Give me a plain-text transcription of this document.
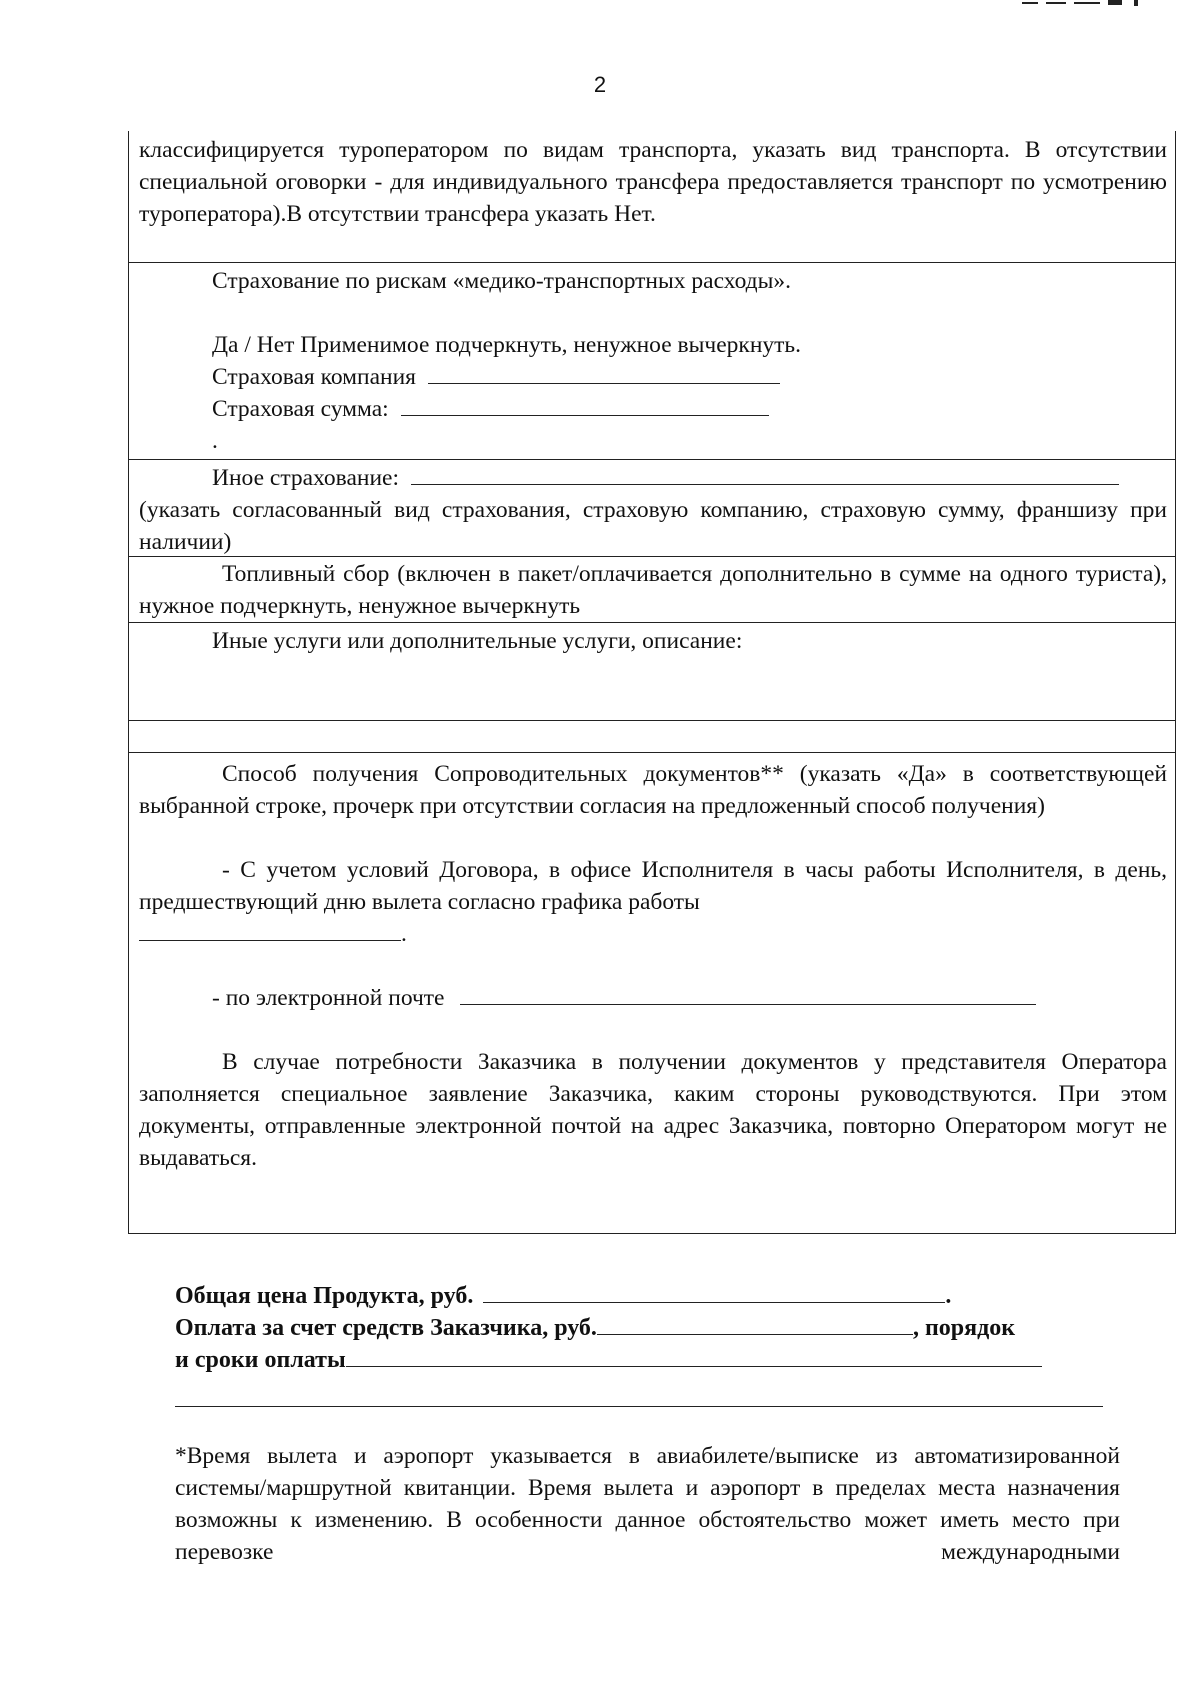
2
классифицируется туроператором по видам транспорта, указать вид транспорта. В отсутствии специальной оговорки - для индивидуального трансфера предоставляется транспорт по усмотрению туроператора).В отсутствии трансфера указать Нет.
Страхование по рискам «медико-транспортных расходы».
Да / Нет Применимое подчеркнуть, ненужное вычеркнуть.
Страховая компания
Страховая сумма:
.
Иное страхование:
(указать согласованный вид страхования, страховую компанию, страховую сумму, франшизу при наличии)
Топливный сбор (включен в пакет/оплачивается дополнительно в сумме на одного туриста), нужное подчеркнуть, ненужное вычеркнуть
Иные услуги или дополнительные услуги, описание:
Способ получения Сопроводительных документов** (указать «Да» в соответствующей выбранной строке, прочерк при отсутствии согласия на предложенный способ получения)
- С учетом условий Договора, в офисе Исполнителя в часы работы Исполнителя, в день, предшествующий дню вылета согласно графика работы
.
- по электронной почте
В случае потребности Заказчика в получении документов у представителя Оператора заполняется специальное заявление Заказчика, каким стороны руководствуются. При этом документы, отправленные электронной почтой на адрес Заказчика, повторно Оператором могут не выдаваться.
Общая цена Продукта, руб.	.
Оплата за счет средств Заказчика, руб.	, порядок
и сроки оплаты
*Время вылета и аэропорт указывается в авиабилете/выписке из автоматизированной системы/маршрутной квитанции. Время вылета и аэропорт в пределах места назначения возможны к изменению. В особенности данное обстоятельство может иметь место при перевозке международными
